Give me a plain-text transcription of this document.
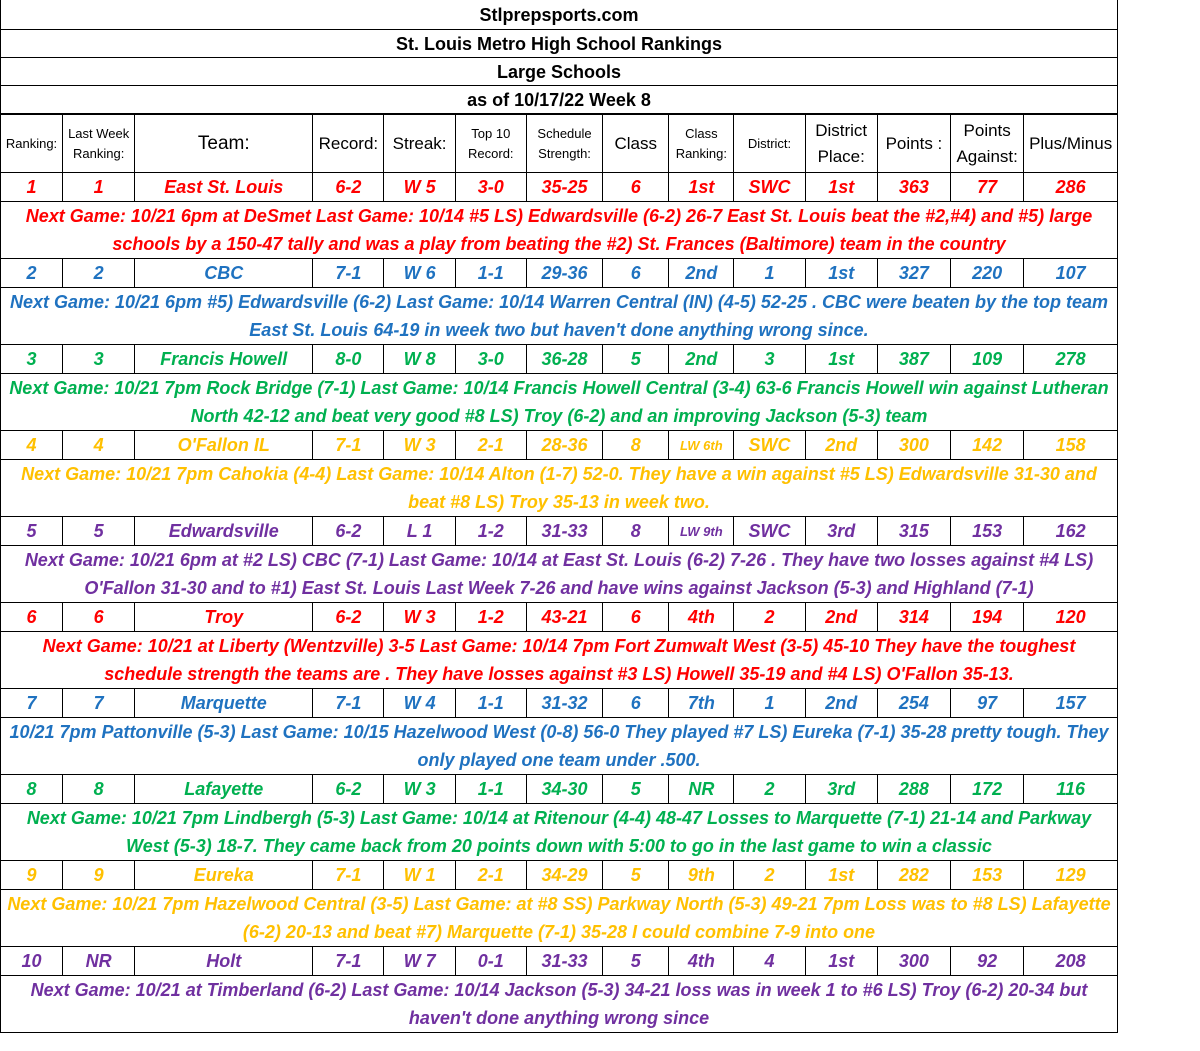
Stlprepsports.com
St. Louis Metro High School Rankings
Large Schools
as of 10/17/22 Week 8
Ranking:	Last Week Ranking:	Team:	Record:	Streak:	Top 10 Record:	Schedule Strength:	Class	Class Ranking:	District:	District Place:	Points :	Points Against:	Plus/Minus
1	1	East St. Louis	6-2	W 5	3-0	35-25	6	1st	SWC	1st	363	77	286
Next Game: 10/21 6pm at DeSmet Last Game: 10/14 #5 LS) Edwardsville (6-2) 26-7 East St. Louis beat the #2,#4) and #5) large schools by a 150-47 tally and was a play from beating the #2) St. Frances (Baltimore) team in the country													
2	2	CBC	7-1	W 6	1-1	29-36	6	2nd	1	1st	327	220	107
Next Game: 10/21 6pm #5) Edwardsville (6-2) Last Game: 10/14 Warren Central (IN) (4-5) 52-25 . CBC were beaten by the top team East St. Louis 64-19 in week two but haven't done anything wrong since.													
3	3	Francis Howell	8-0	W 8	3-0	36-28	5	2nd	3	1st	387	109	278
Next Game: 10/21 7pm Rock Bridge (7-1) Last Game: 10/14 Francis Howell Central (3-4) 63-6 Francis Howell win against Lutheran North 42-12 and beat very good #8 LS) Troy (6-2) and an improving Jackson (5-3) team													
4	4	O'Fallon IL	7-1	W 3	2-1	28-36	8	LW 6th	SWC	2nd	300	142	158
Next Game: 10/21 7pm Cahokia (4-4) Last Game: 10/14 Alton (1-7) 52-0. They have a win against #5 LS) Edwardsville 31-30 and beat #8 LS) Troy 35-13 in week two.													
5	5	Edwardsville	6-2	L 1	1-2	31-33	8	LW 9th	SWC	3rd	315	153	162
Next Game: 10/21 6pm at #2 LS) CBC (7-1) Last Game: 10/14 at East St. Louis (6-2) 7-26 . They have two losses against #4 LS) O'Fallon 31-30 and to #1) East St. Louis Last Week 7-26 and have wins against Jackson (5-3) and Highland (7-1)													
6	6	Troy	6-2	W 3	1-2	43-21	6	4th	2	2nd	314	194	120
Next Game: 10/21 at Liberty (Wentzville) 3-5 Last Game: 10/14 7pm Fort Zumwalt West (3-5) 45-10 They have the toughest schedule strength the teams are . They have losses against #3 LS) Howell 35-19 and #4 LS) O'Fallon 35-13.													
7	7	Marquette	7-1	W 4	1-1	31-32	6	7th	1	2nd	254	97	157
10/21 7pm Pattonville (5-3) Last Game: 10/15 Hazelwood West (0-8) 56-0 They played #7 LS) Eureka (7-1) 35-28 pretty tough. They only played one team under .500.													
8	8	Lafayette	6-2	W 3	1-1	34-30	5	NR	2	3rd	288	172	116
Next Game: 10/21 7pm Lindbergh (5-3) Last Game: 10/14 at Ritenour (4-4) 48-47 Losses to Marquette (7-1) 21-14 and Parkway West (5-3) 18-7. They came back from 20 points down with 5:00 to go in the last game to win a classic													
9	9	Eureka	7-1	W 1	2-1	34-29	5	9th	2	1st	282	153	129
Next Game: 10/21 7pm Hazelwood Central (3-5) Last Game: at #8 SS) Parkway North (5-3) 49-21 7pm Loss was to #8 LS) Lafayette (6-2) 20-13 and beat #7) Marquette (7-1) 35-28 I could combine 7-9 into one													
10	NR	Holt	7-1	W 7	0-1	31-33	5	4th	4	1st	300	92	208
Next Game: 10/21 at Timberland (6-2) Last Game: 10/14 Jackson (5-3) 34-21 loss was in week 1 to #6 LS) Troy (6-2) 20-34 but haven't done anything wrong since													
